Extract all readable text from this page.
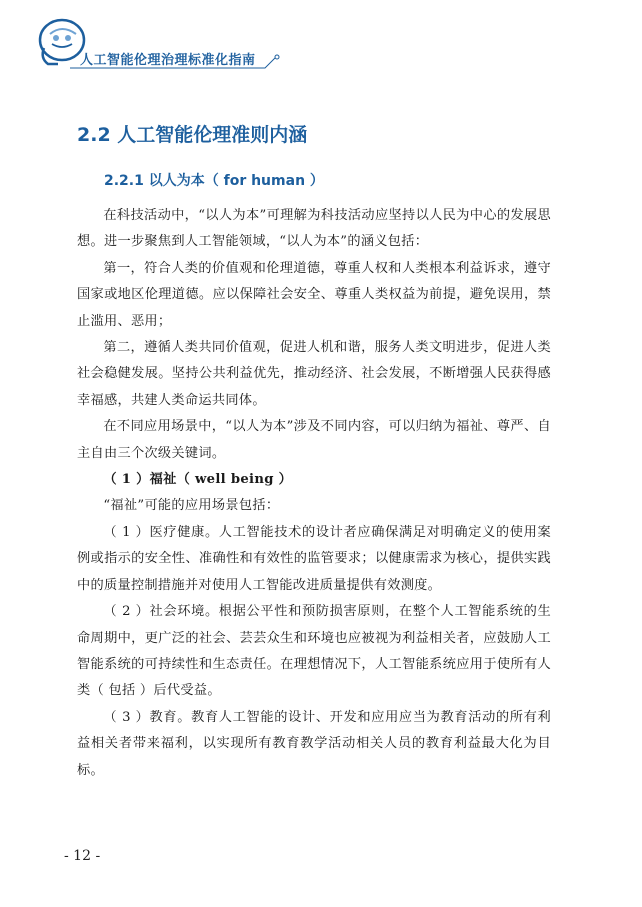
人工智能伦理治理标准化指南
2.2 人工智能伦理准则内涵
2.2.1 以人为本（ for human ）

在科技活动中，“以人为本”可理解为科技活动应坚持以人民为中心的发展思想。进一步聚焦到人工智能领域，“以人为本”的涵义包括：

第一，符合人类的价值观和伦理道德，尊重人权和人类根本利益诉求，遵守国家或地区伦理道德。应以保障社会安全、尊重人类权益为前提，避免误用，禁止滥用、恶用；

第二，遵循人类共同价值观，促进人机和谐，服务人类文明进步，促进人类社会稳健发展。坚持公共利益优先，推动经济、社会发展，不断增强人民获得感幸福感，共建人类命运共同体。

在不同应用场景中，“以人为本”涉及不同内容，可以归纳为福祉、尊严、自主自由三个次级关键词。

（ 1 ）福祉（ well being ）

“福祉”可能的应用场景包括：

（ 1 ）医疗健康。人工智能技术的设计者应确保满足对明确定义的使用案例或指示的安全性、准确性和有效性的监管要求；以健康需求为核心，提供实践中的质量控制措施并对使用人工智能改进质量提供有效测度。

（ 2 ）社会环境。根据公平性和预防损害原则，在整个人工智能系统的生命周期中，更广泛的社会、芸芸众生和环境也应被视为利益相关者，应鼓励人工智能系统的可持续性和生态责任。在理想情况下，人工智能系统应用于使所有人类（ 包括 ）后代受益。

（ 3 ）教育。教育人工智能的设计、开发和应用应当为教育活动的所有利益相关者带来福利，以实现所有教育教学活动相关人员的教育利益最大化为目标。

- 12 -
